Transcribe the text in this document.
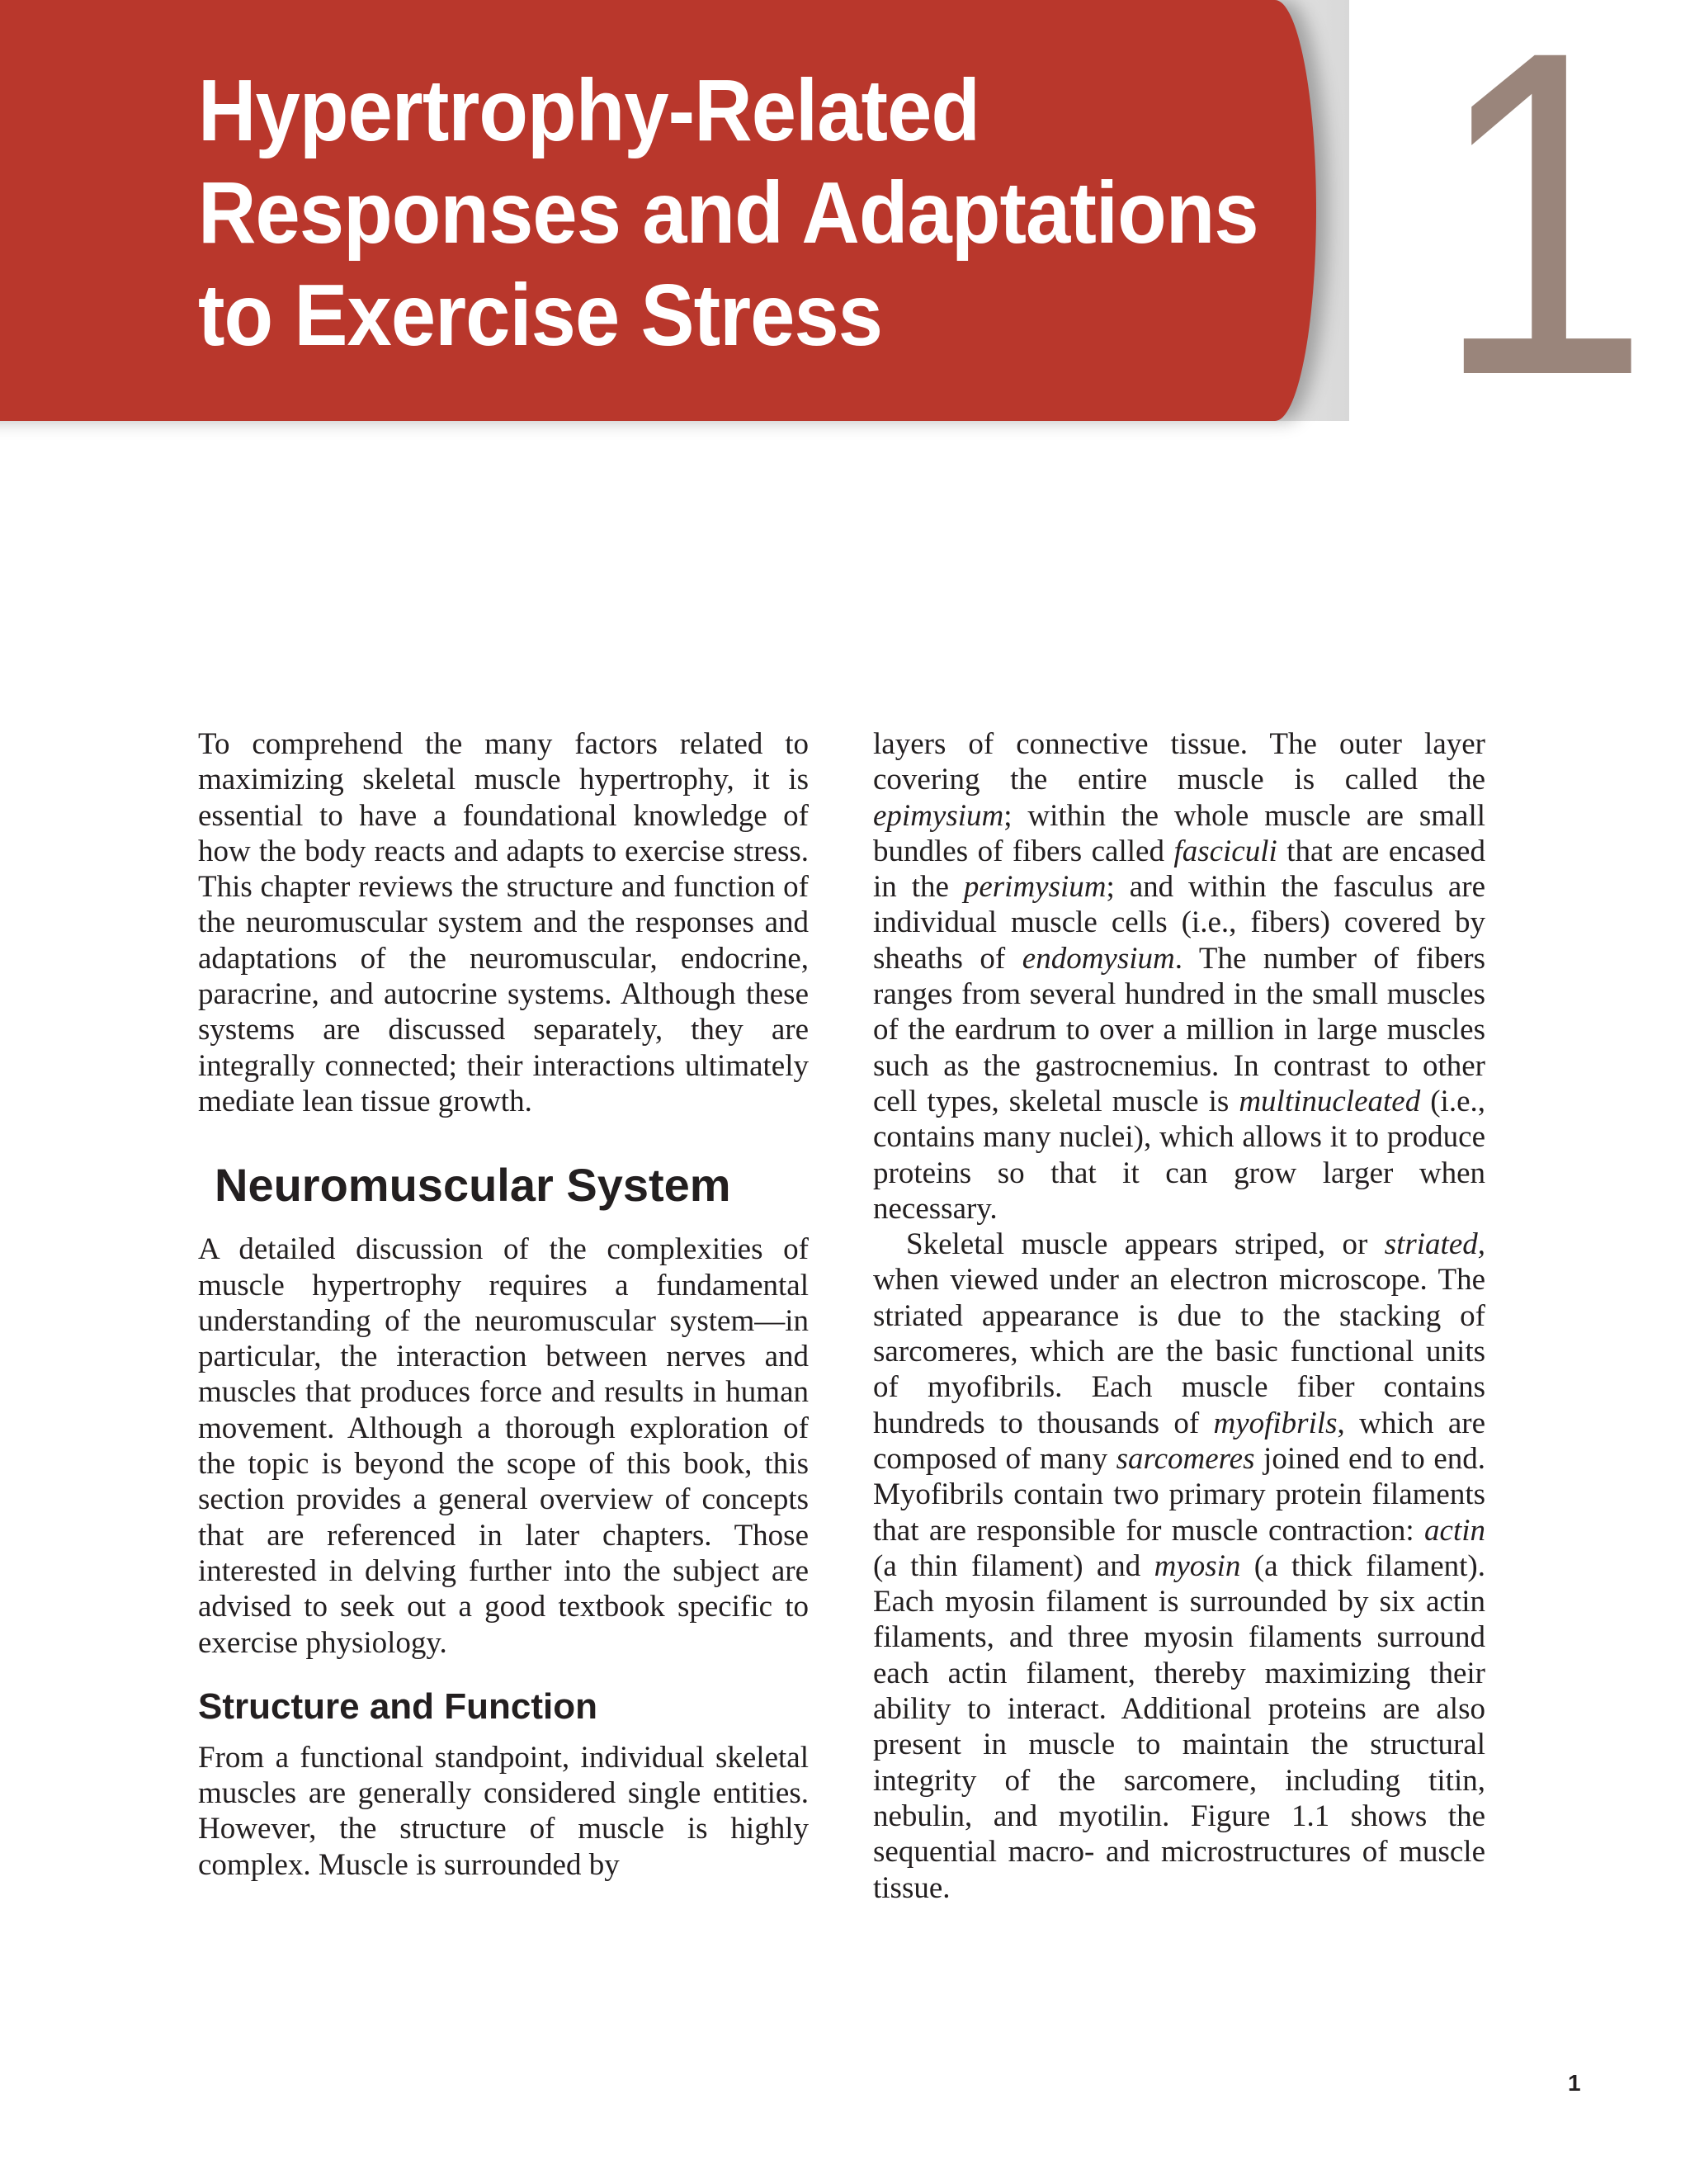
Hypertrophy-Related
Responses and Adaptations
to Exercise Stress	1

To comprehend the many factors related to maximizing skeletal muscle hypertrophy, it is essential to have a foundational knowledge of how the body reacts and adapts to exercise stress. This chapter reviews the structure and function of the neuromuscular system and the responses and adaptations of the neuromuscular, endocrine, paracrine, and autocrine systems. Although these systems are discussed separately, they are integrally connected; their interactions ultimately mediate lean tissue growth.

Neuromuscular System

A detailed discussion of the complexities of muscle hypertrophy requires a fundamental understanding of the neuromuscular system—in particular, the interaction between nerves and muscles that produces force and results in human movement. Although a thorough exploration of the topic is beyond the scope of this book, this section provides a general overview of concepts that are referenced in later chapters. Those interested in delving further into the subject are advised to seek out a good textbook specific to exercise physiology.

Structure and Function

From a functional standpoint, individual skeletal muscles are generally considered single entities. However, the structure of muscle is highly complex. Muscle is surrounded by

layers of connective tissue. The outer layer covering the entire muscle is called the epimysium; within the whole muscle are small bundles of fibers called fasciculi that are encased in the perimysium; and within the fasculus are individual muscle cells (i.e., fibers) covered by sheaths of endomysium. The number of fibers ranges from several hundred in the small muscles of the eardrum to over a million in large muscles such as the gastrocnemius. In contrast to other cell types, skeletal muscle is multinucleated (i.e., contains many nuclei), which allows it to produce proteins so that it can grow larger when necessary.

Skeletal muscle appears striped, or striated, when viewed under an electron microscope. The striated appearance is due to the stacking of sarcomeres, which are the basic functional units of myofibrils. Each muscle fiber contains hundreds to thousands of myofibrils, which are composed of many sarcomeres joined end to end. Myofibrils contain two primary protein filaments that are responsible for muscle contraction: actin (a thin filament) and myosin (a thick filament). Each myosin filament is surrounded by six actin filaments, and three myosin filaments surround each actin filament, thereby maximizing their ability to interact. Additional proteins are also present in muscle to maintain the structural integrity of the sarcomere, including titin, nebulin, and myotilin. Figure 1.1 shows the sequential macro- and microstructures of muscle tissue.

1
